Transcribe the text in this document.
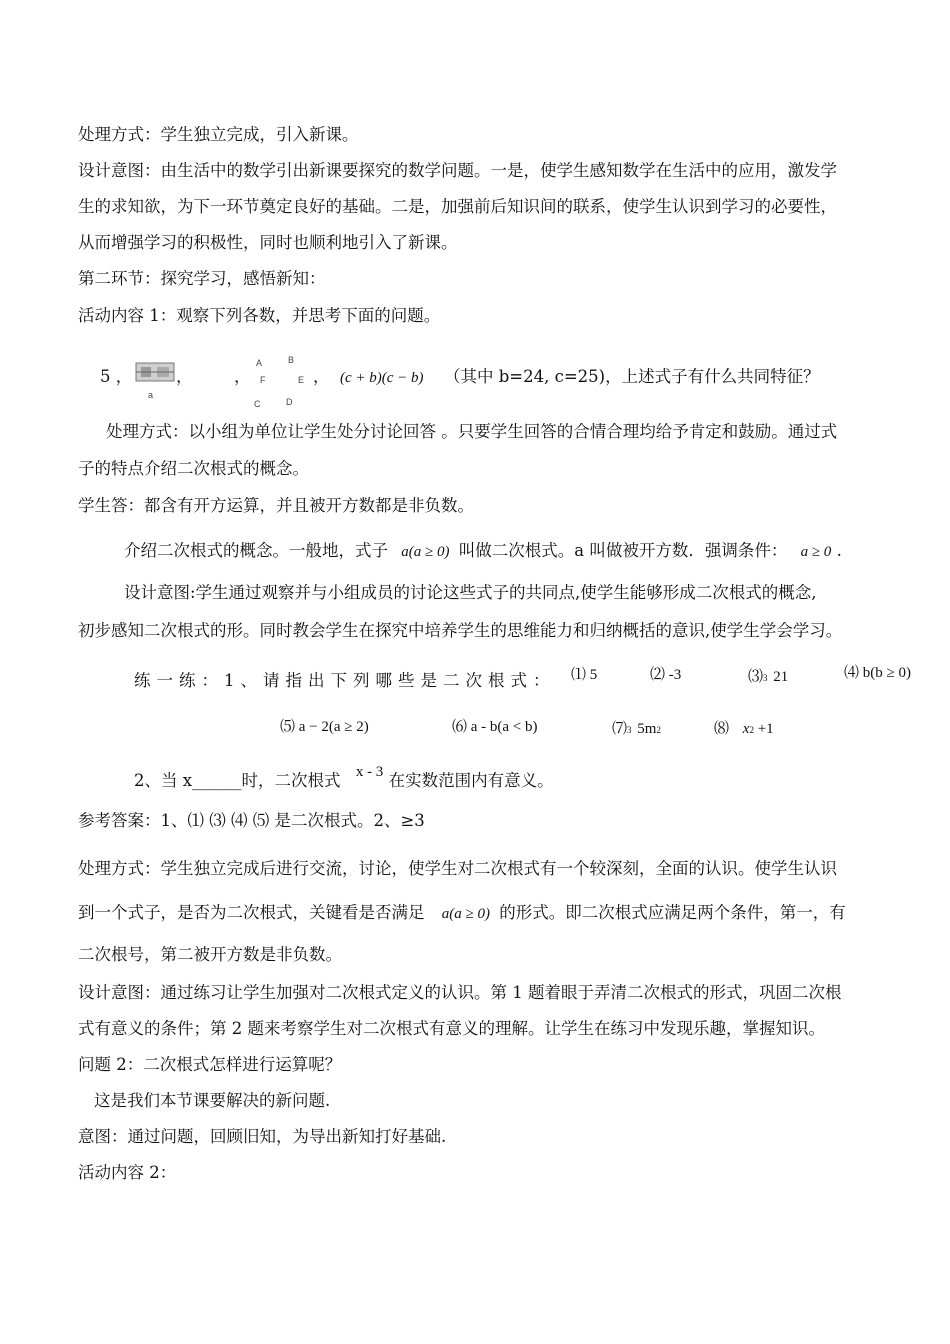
处理方式：学生独立完成，引入新课。
设计意图：由生活中的数学引出新课要探究的数学问题。一是，使学生感知数学在生活中的应用，激发学
生的求知欲，为下一环节奠定良好的基础。二是，加强前后知识间的联系，使学生认识到学习的必要性，
从而增强学习的积极性，同时也顺利地引入了新课。
第二环节：探究学习，感悟新知：
活动内容 1：观察下列各数，并思考下面的问题。
5 ，
a
，	，
A	B
F	E
C	D
， (c + b)(c − b) （其中 b=24, c=25)，上述式子有什么共同特征？
处理方式：以小组为单位让学生处分讨论回答 。只要学生回答的合情合理均给予肯定和鼓励。通过式
子的特点介绍二次根式的概念。
学生答：都含有开方运算，并且被开方数都是非负数。
介绍二次根式的概念。一般地，式子 a(a ≥ 0) 叫做二次根式。a 叫做被开方数．强调条件： a ≥ 0 .
设计意图:学生通过观察并与小组成员的讨论这些式子的共同点,使学生能够形成二次根式的概念,
初步感知二次根式的形。同时教会学生在探究中培养学生的思维能力和归纳概括的意识,使学生学会学习。
练一练：1、请指出下列哪些是二次根式： ⑴ 5	⑵ -3	⑶3 21	⑷ b(b ≥ 0)
⑸ a − 2(a ≥ 2)	⑹ a - b(a < b)	⑺3 5m2	⑻ x2 +1
2、当 x______时，二次根式 x - 3 在实数范围内有意义。
参考答案：1、⑴ ⑶ ⑷ ⑸ 是二次根式。2、≥3
处理方式：学生独立完成后进行交流，讨论，使学生对二次根式有一个较深刻，全面的认识。使学生认识
到一个式子，是否为二次根式，关键看是否满足 a(a ≥ 0) 的形式。即二次根式应满足两个条件，第一，有
二次根号，第二被开方数是非负数。
设计意图：通过练习让学生加强对二次根式定义的认识。第 1 题着眼于弄清二次根式的形式，巩固二次根
式有意义的条件；第 2 题来考察学生对二次根式有意义的理解。让学生在练习中发现乐趣，掌握知识。
问题 2：二次根式怎样进行运算呢？
这是我们本节课要解决的新问题.
意图：通过问题，回顾旧知，为导出新知打好基础.
活动内容 2：
